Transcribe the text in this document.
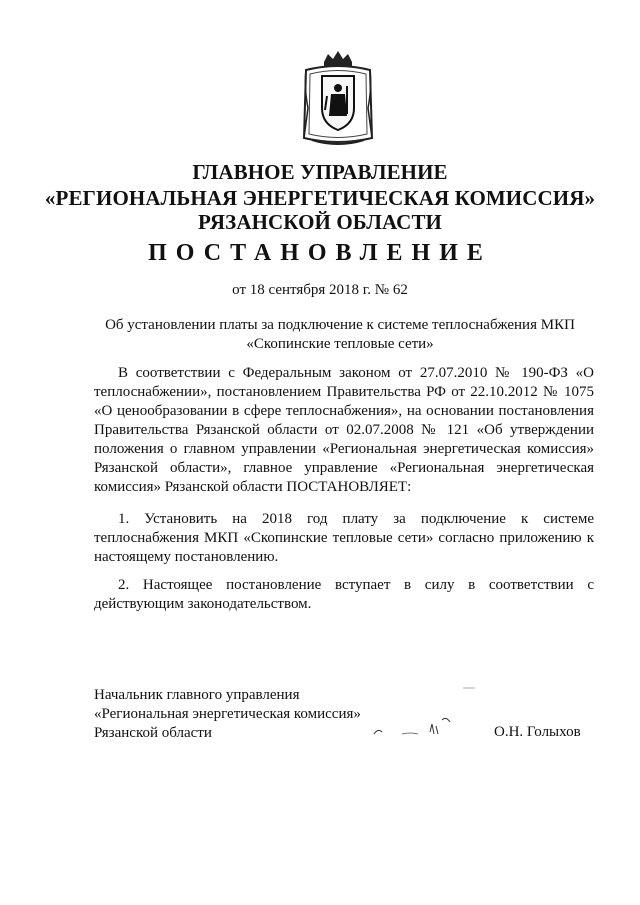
ГЛАВНОЕ УПРАВЛЕНИЕ
«РЕГИОНАЛЬНАЯ ЭНЕРГЕТИЧЕСКАЯ КОМИССИЯ»
РЯЗАНСКОЙ ОБЛАСТИ
ПОСТАНОВЛЕНИЕ
от 18 сентября 2018 г. № 62
Об установлении платы за подключение к системе теплоснабжения МКП «Скопинские тепловые сети»
В соответствии с Федеральным законом от 27.07.2010 № 190-ФЗ «О теплоснабжении», постановлением Правительства РФ от 22.10.2012 № 1075 «О ценообразовании в сфере теплоснабжения», на основании постановления Правительства Рязанской области от 02.07.2008 № 121 «Об утверждении положения о главном управлении «Региональная энергетическая комиссия» Рязанской области», главное управление «Региональная энергетическая комиссия» Рязанской области ПОСТАНОВЛЯЕТ:
1. Установить на 2018 год плату за подключение к системе теплоснабжения МКП «Скопинские тепловые сети» согласно приложению к настоящему постановлению.
2. Настоящее постановление вступает в силу в соответствии с действующим законодательством.
Начальник главного управления
«Региональная энергетическая комиссия»
Рязанской области	О.Н. Голыхов
